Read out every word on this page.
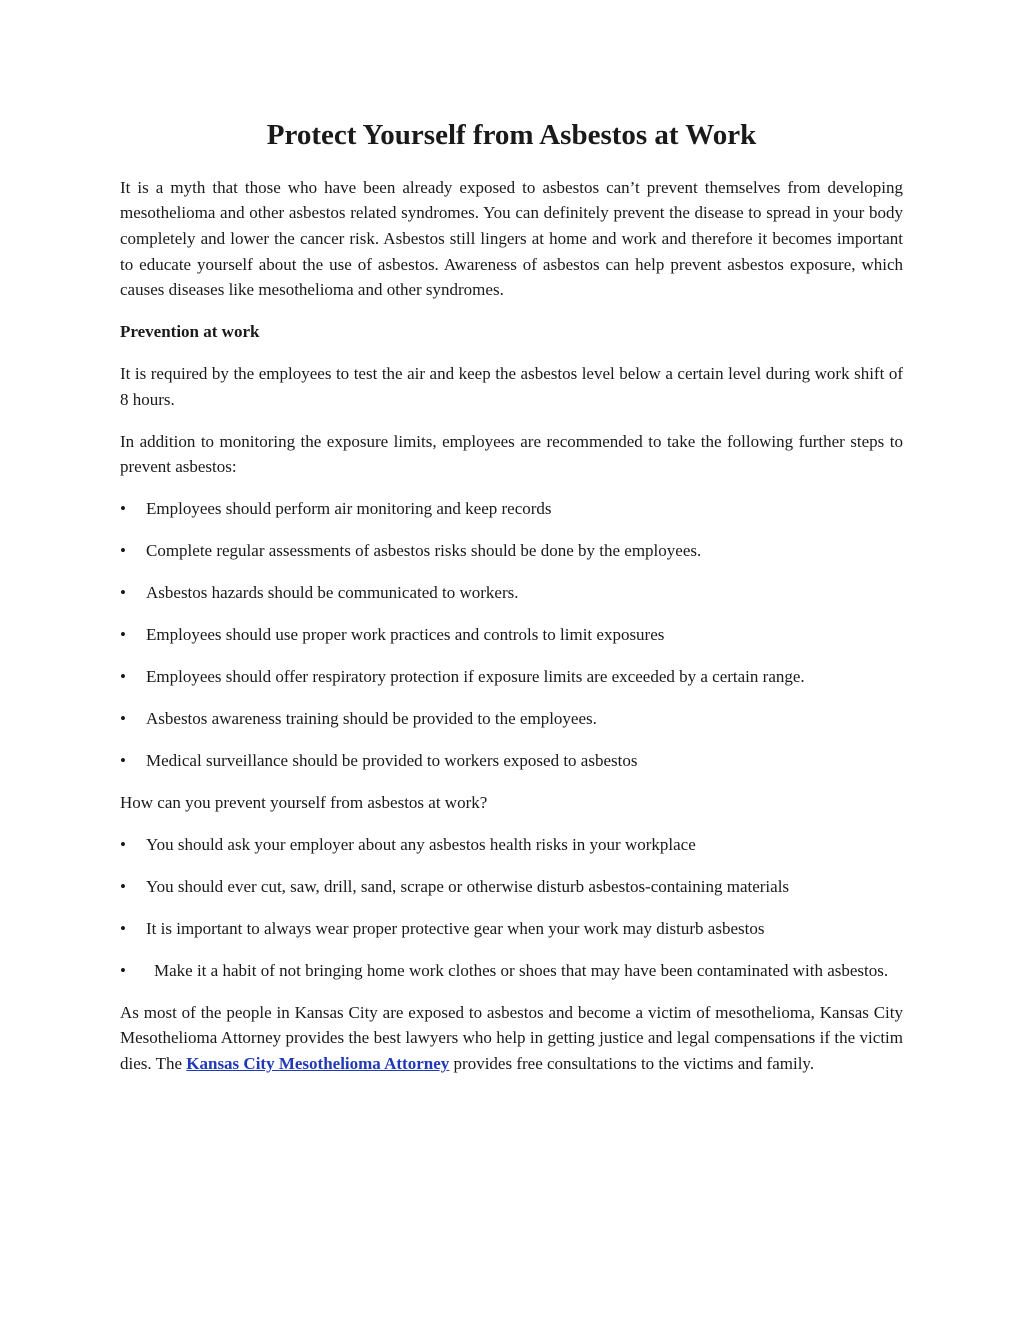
Protect Yourself from Asbestos at Work

It is a myth that those who have been already exposed to asbestos can’t prevent themselves from developing mesothelioma and other asbestos related syndromes. You can definitely prevent the disease to spread in your body completely and lower the cancer risk. Asbestos still lingers at home and work and therefore it becomes important to educate yourself about the use of asbestos. Awareness of asbestos can help prevent asbestos exposure, which causes diseases like mesothelioma and other syndromes.

Prevention at work

It is required by the employees to test the air and keep the asbestos level below a certain level during work shift of 8 hours.

In addition to monitoring the exposure limits, employees are recommended to take the following further steps to prevent asbestos:

• Employees should perform air monitoring and keep records

• Complete regular assessments of asbestos risks should be done by the employees.

• Asbestos hazards should be communicated to workers.

• Employees should use proper work practices and controls to limit exposures

• Employees should offer respiratory protection if exposure limits are exceeded by a certain range.

• Asbestos awareness training should be provided to the employees.

• Medical surveillance should be provided to workers exposed to asbestos

How can you prevent yourself from asbestos at work?

• You should ask your employer about any asbestos health risks in your workplace

• You should ever cut, saw, drill, sand, scrape or otherwise disturb asbestos-containing materials

• It is important to always wear proper protective gear when your work may disturb asbestos

• Make it a habit of not bringing home work clothes or shoes that may have been contaminated with asbestos.

As most of the people in Kansas City are exposed to asbestos and become a victim of mesothelioma, Kansas City Mesothelioma Attorney provides the best lawyers who help in getting justice and legal compensations if the victim dies. The Kansas City Mesothelioma Attorney provides free consultations to the victims and family.
